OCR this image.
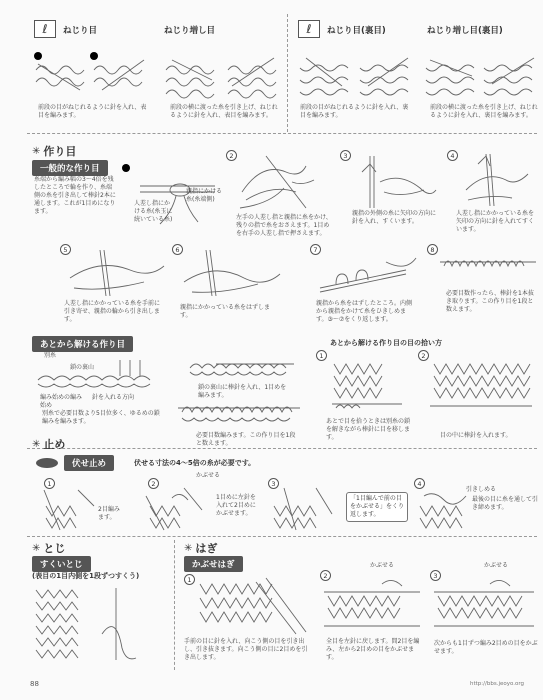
ℓ	ねじり目
前段の目がねじれるように針を入れ、表目を編みます。
1	2
ねじり増し目
前段の横に渡った糸を引き上げ、ねじれるように針を入れ、表目を編みます。
ℓ	ねじり目(裏目)
前段の目がねじれるように針を入れ、裏目を編みます。
ねじり増し目(裏目)
前段の横に渡った糸を引き上げ、ねじれるように針を入れ、裏目を編みます。
✳ 作り目
一般的な作り目
糸端から編み幅の3〜4倍を残したところで輪を作り、糸端側の糸を引き出して棒針2本に通します。これが1目めになります。
1
人差し指にかける糸(糸玉に続いている糸)
親指にかける糸(糸端側)
2
左手の人差し指と親指に糸をかけ、残りの指で糸をおさえます。1目めを右手の人差し指で押さえます。
3
親指の外側の糸に矢印の方向に針を入れ、すくいます。
4
人差し指にかかっている糸を矢印の方向に針を入れてすくいます。
5
人差し指にかかっている糸を手前に引き寄せ、親指の輪から引き出します。
6
親指にかかっている糸をはずします。
7
親指から糸をはずしたところ。内側から親指をかけて糸をひきしめます。③〜⑦をくり返します。
8
必要目数作ったら、棒針を1本抜き取ります。この作り目を1段と数えます。
あとから解ける作り目
鎖の裏山
別糸
編み始めの編み始め
針を入れる方向
別糸で必要目数より5目位多く、ゆるめの鎖編みを編みます。
鎖の裏山に棒針を入れ、1目めを編みます。
必要目数編みます。この作り目を1段と数えます。
あとから解ける作り目の目の拾い方
1
あとで目を拾うときは別糸の鎖を解きながら棒針に目を移します。
2
目の中に棒針を入れます。
✳ 止め
伏せ止め	伏せる寸法の4〜5倍の糸が必要です。
1
2目編みます。
2
かぶせる
1目めに左針を入れて2目めにかぶせます。
3
「1目編んで前の目をかぶせる」をくり返します。
4
引きしめる
最後の目に糸を通して引き締めます。
✳ とじ
すくいとじ
(表目の1目内側を1段ずつすくう)
✳ はぎ
かぶせはぎ
1
手前の目に針を入れ、向こう側の目を引き出し、引き抜きます。向こう側の目に2目めを引き出します。
2
かぶせる
全目を左針に戻します。間2目を編み、左から2目めの目をかぶせます。
3
かぶせる
次からも1目ずつ編み2目めの目をかぶせます。
88	http://bbs.jeoyo.org
